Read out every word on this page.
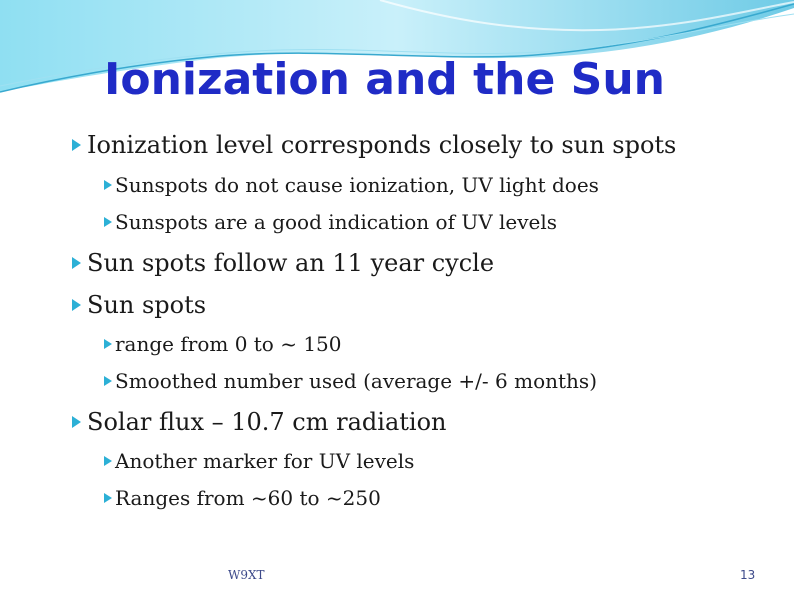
Ionization and the Sun
Ionization level corresponds closely to sun spots
Sunspots do not cause ionization, UV light does
Sunspots are a good indication of UV levels
Sun spots follow an 11 year cycle
Sun spots
range from 0 to ~ 150
Smoothed number used (average +/- 6 months)
Solar flux – 10.7 cm radiation
Another marker for UV levels
Ranges from ~60 to ~250
W9XT	13
